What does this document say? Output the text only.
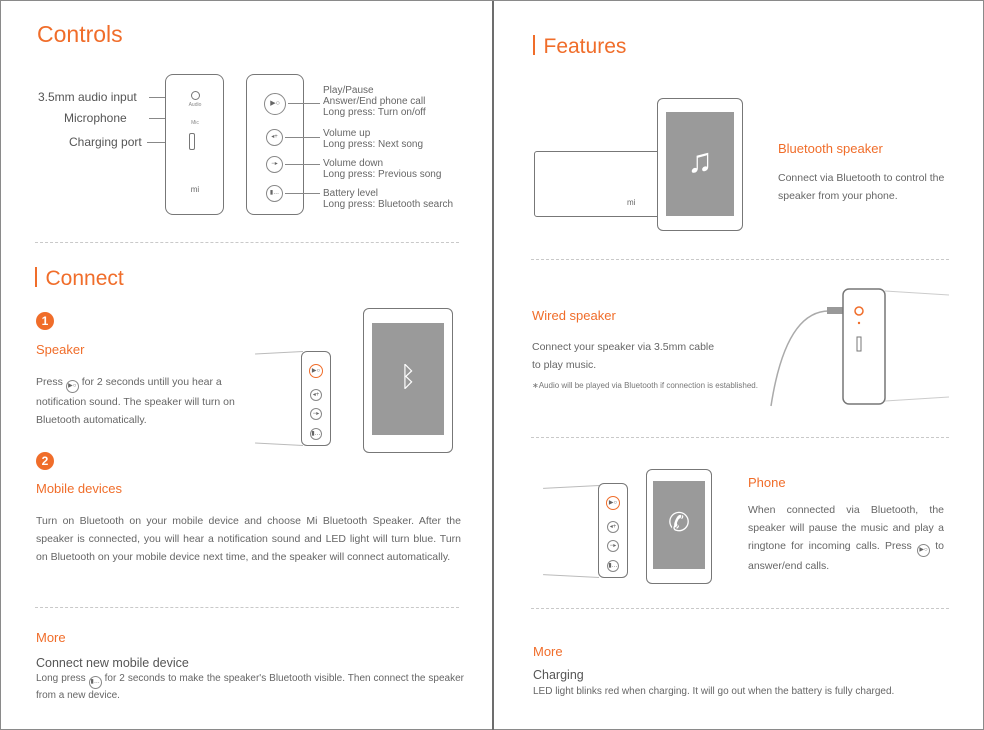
Controls
3.5mm audio input
Microphone
Charging port
Audio
Mic
mi
▶○
◂+
−▸
▮…
Play/Pause
Answer/End phone call
Long press: Turn on/off
Volume up
Long press: Next song
Volume down
Long press: Previous song
Battery level
Long press: Bluetooth search
Connect
1
Speaker
Press ▶○ for 2 seconds untill you hear a notification sound. The speaker will turn on Bluetooth automatically.
▶○
◂+
−▸
▮…
ᛒ
2
Mobile devices
Turn on Bluetooth on your mobile device and choose Mi Bluetooth Speaker. After the speaker is connected, you will hear a notification sound and LED light will turn blue. Turn on Bluetooth on your mobile device next time, and the speaker will connect automatically.
More
Connect new mobile device
Long press ▮… for 2 seconds to make the speaker's Bluetooth visible. Then connect the speaker from a new device.
Features
mi
♫	Bluetooth speaker
Connect via Bluetooth to control the speaker from your phone.
Wired speaker
Connect your speaker via 3.5mm cable to play music.
∗Audio will be played via Bluetooth if connection is established.
▶○
◂+
−▸
▮…
✆
Phone
When connected via Bluetooth, the speaker will pause the music and play a ringtone for incoming calls. Press ▶○ to answer/end calls.
More
Charging
LED light blinks red when charging. It will go out when the battery is fully charged.
